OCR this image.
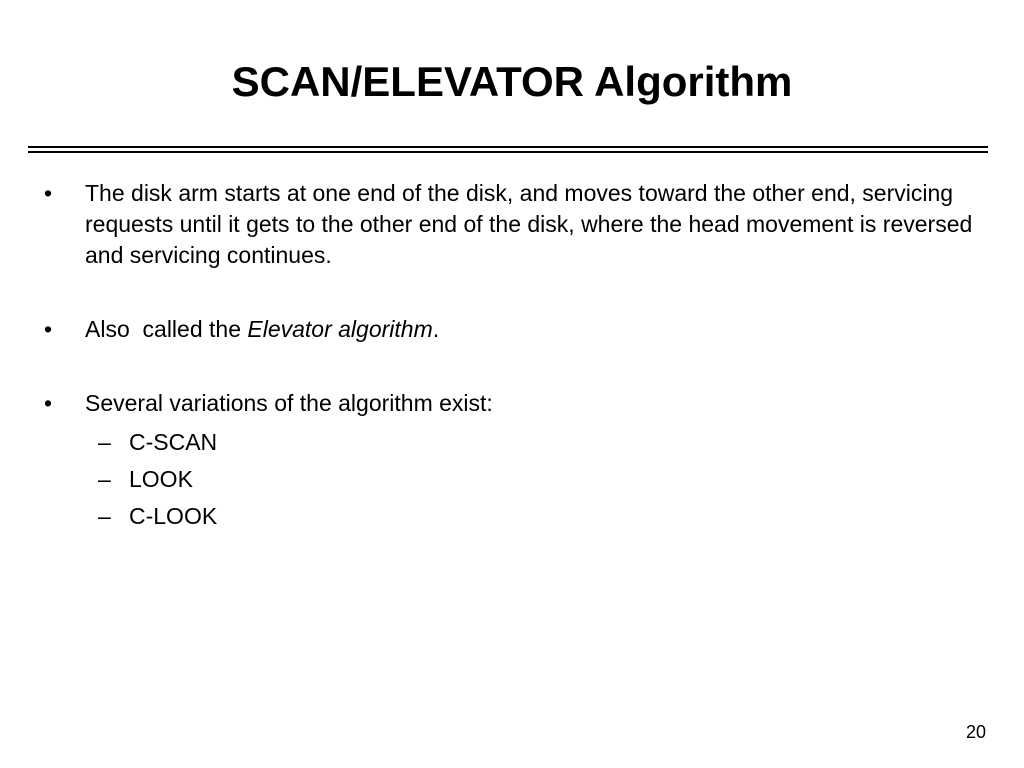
SCAN/ELEVATOR Algorithm
•	The disk arm starts at one end of the disk, and moves toward the other end, servicing requests until it gets to the other end of the disk, where the head movement is reversed and servicing continues.
•	Also  called the Elevator algorithm.
•	Several variations of the algorithm exist:
– C-SCAN
– LOOK
– C-LOOK
20
